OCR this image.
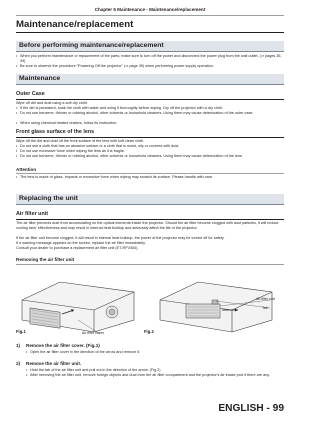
Chapter 5 Maintenance - Maintenance/replacement
Maintenance/replacement
Before performing maintenance/replacement
• When you perform maintenance or replacement of the parts, make sure to turn off the power and disconnect the power plug from the wall outlet. (⇒ pages 35, 39)
• Be sure to observe the procedure "Powering Off the projector" (⇒ page 39) when performing power supply operation.
Maintenance
Outer Case
Wipe off dirt and dust using a soft dry cloth.
• If the dirt is persistent, soak the cloth with water and wring it thoroughly before wiping. Dry off the projector with a dry cloth.
• Do not use benzene, thinner or rubbing alcohol, other solvents or household cleaners. Using them may cause deterioration of the outer case.
• When using chemical treated dusters, follow its instruction.
Front glass surface of the lens
Wipe off the dirt and dust off the front surface of the lens with soft clean cloth.
• Do not use a cloth that has an abrasive surface or a cloth that is moist, oily or covered with dust.
• Do not use excessive force when wiping the lens as it is fragile.
• Do not use benzene, thinner or rubbing alcohol, other solvents or household cleaners. Using them may cause deterioration of the lens.
Attention
• The lens is made of glass. Impacts or excessive force when wiping may scratch its surface. Please handle with care.
Replacing the unit
Air filter unit
The air filter prevents dust from accumulating on the optical elements inside the projector. Should the air filter become clogged with dust particles, it will reduce cooling fans' effectiveness and may result in internal heat buildup and adversely affect the life of the projector.
If the air filter unit become clogged, it will result in internal heat buildup, the power of the projector may be turned off for safety.
If a warning message appears on the screen, replace the air filter immediately.
Consult your dealer to purchase a replacement air filter unit (ET-RFV300).
Removing the air filter unit
Fig.1	Fig.2
Air filter cover
Air filter unit
Tab
1) Remove the air filter cover. (Fig.1)
• Open the air filter cover in the direction of the arrow and remove it.
2) Remove the air filter unit.
• Hold the tab of the air filter unit and pull out in the direction of the arrow. (Fig.2)
• After removing the air filter unit, remove foreign objects and dust from the air filter compartment and the projector's air intake port if there are any.
ENGLISH - 99
